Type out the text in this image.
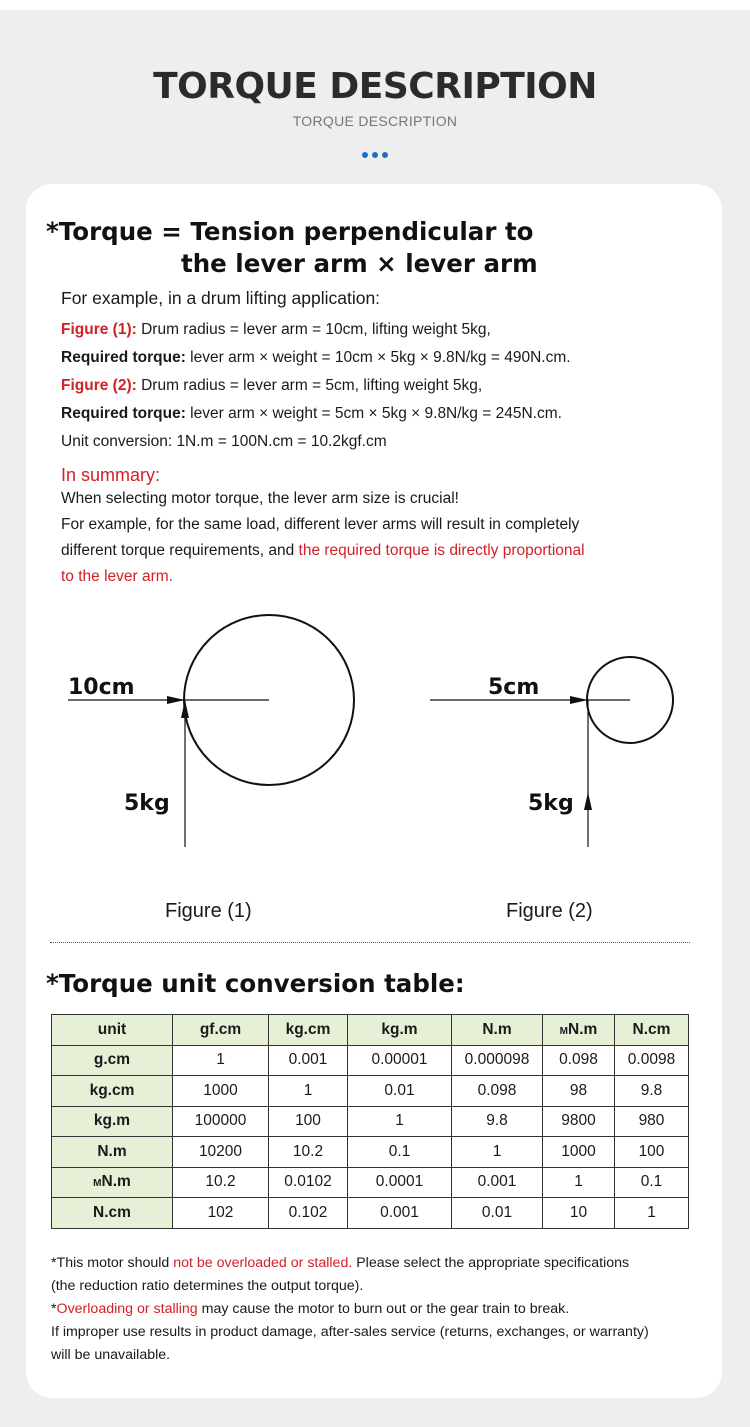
TORQUE DESCRIPTION
TORQUE DESCRIPTION
*Torque = Tension perpendicular to
the lever arm × lever arm
For example, in a drum lifting application:
Figure (1): Drum radius = lever arm = 10cm, lifting weight 5kg,
Required torque: lever arm × weight = 10cm × 5kg × 9.8N/kg = 490N.cm.
Figure (2): Drum radius = lever arm = 5cm, lifting weight 5kg,
Required torque: lever arm × weight = 5cm × 5kg × 9.8N/kg = 245N.cm.
Unit conversion: 1N.m = 100N.cm = 10.2kgf.cm
In summary:
When selecting motor torque, the lever arm size is crucial!
For example, for the same load, different lever arms will result in completely
different torque requirements, and the required torque is directly proportional
to the lever arm.
10cm
5kg
5cm
5kg
Figure (1)	Figure (2)
*Torque unit conversion table:
unit	gf.cm	kg.cm	kg.m	N.m	MN.m	N.cm
g.cm	1	0.001	0.00001	0.000098	0.098	0.0098
kg.cm	1000	1	0.01	0.098	98	9.8
kg.m	100000	100	1	9.8	9800	980
N.m	10200	10.2	0.1	1	1000	100
MN.m	10.2	0.0102	0.0001	0.001	1	0.1
N.cm	102	0.102	0.001	0.01	10	1
*This motor should not be overloaded or stalled. Please select the appropriate specifications
(the reduction ratio determines the output torque).
*Overloading or stalling may cause the motor to burn out or the gear train to break.
If improper use results in product damage, after-sales service (returns, exchanges, or warranty)
will be unavailable.
